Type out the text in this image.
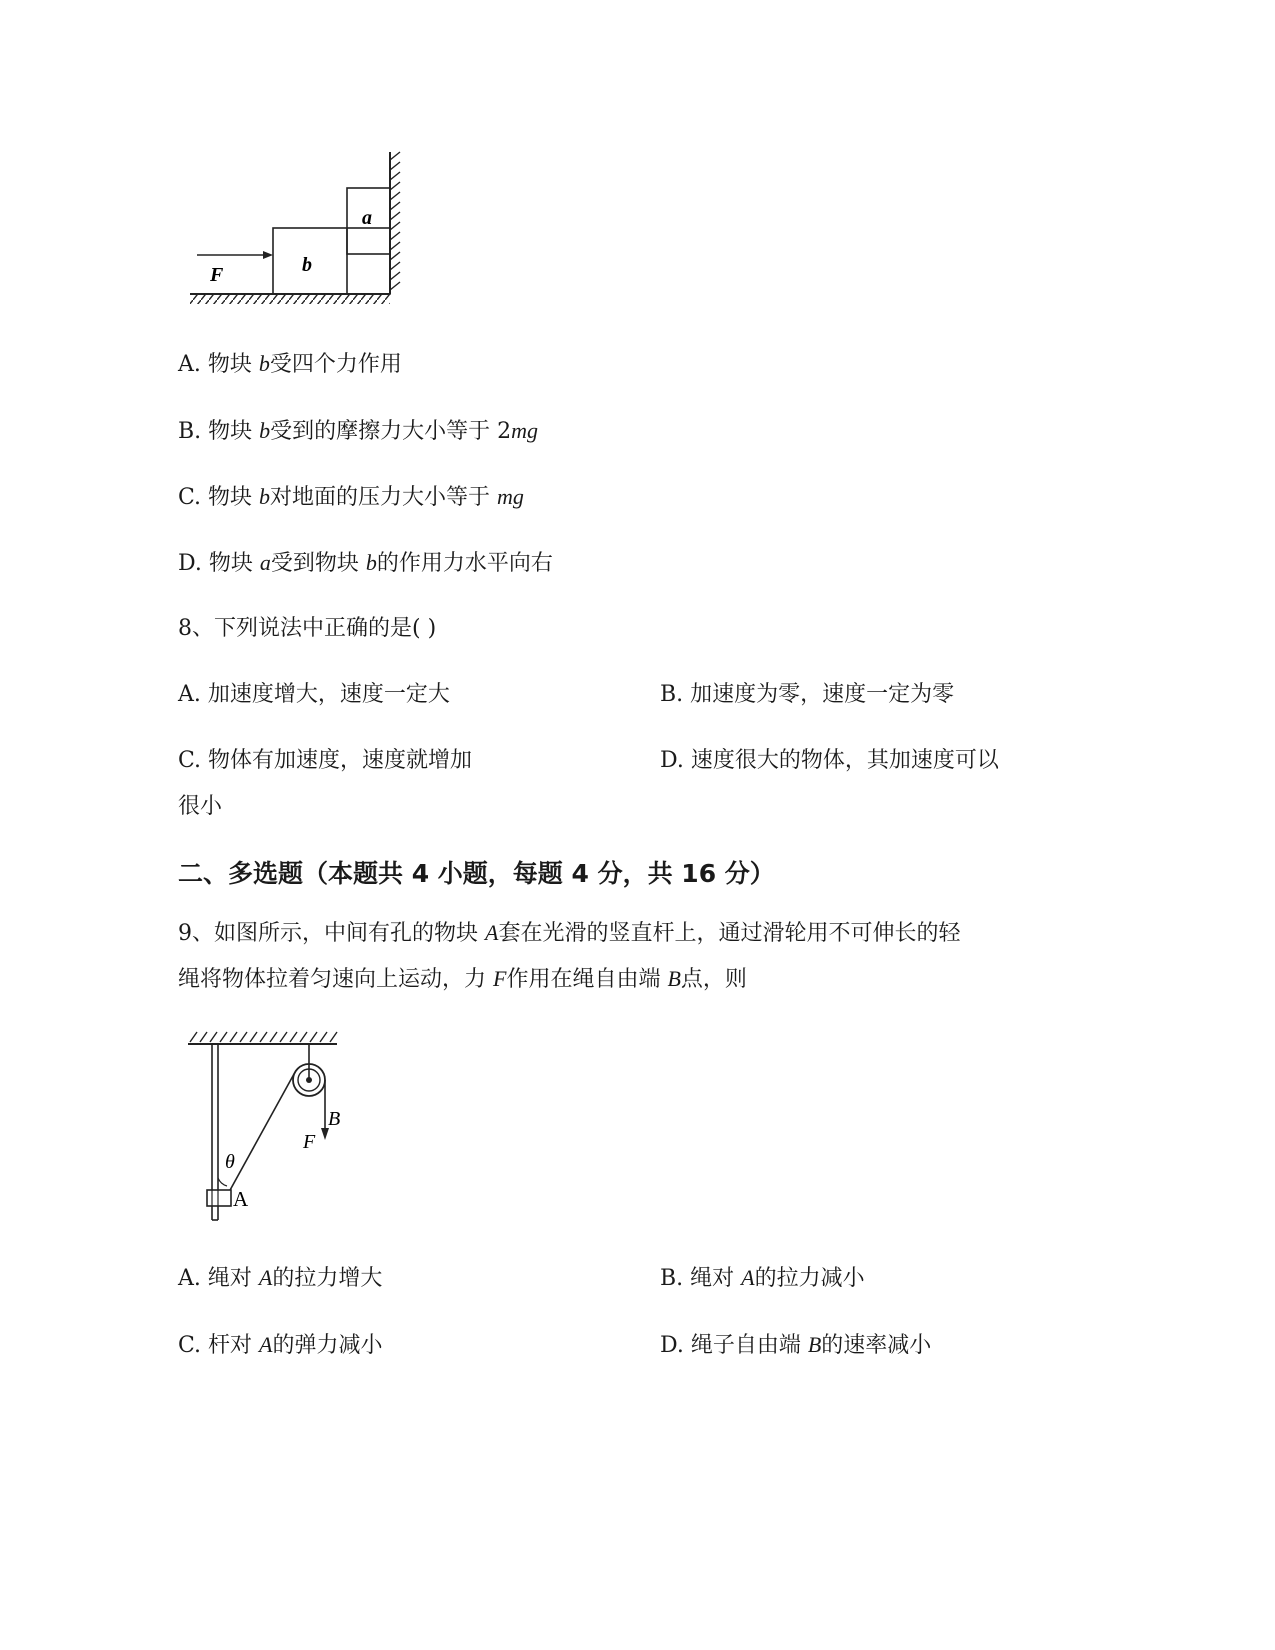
a
b
F
A. 物块 b受四个力作用
B. 物块 b受到的摩擦力大小等于 2mg
C. 物块 b对地面的压力大小等于 mg
D. 物块 a受到物块 b的作用力水平向右
8、下列说法中正确的是( )
A. 加速度增大，速度一定大	B. 加速度为零，速度一定为零
C. 物体有加速度，速度就增加	D. 速度很大的物体，其加速度可以
很小
二、多选题（本题共 4 小题，每题 4 分，共 16 分）
9、如图所示，中间有孔的物块 A套在光滑的竖直杆上，通过滑轮用不可伸长的轻
绳将物体拉着匀速向上运动，力 F作用在绳自由端 B点，则
θ
A
B
F
A. 绳对 A的拉力增大	B. 绳对 A的拉力减小
C. 杆对 A的弹力减小	D. 绳子自由端 B的速率减小
